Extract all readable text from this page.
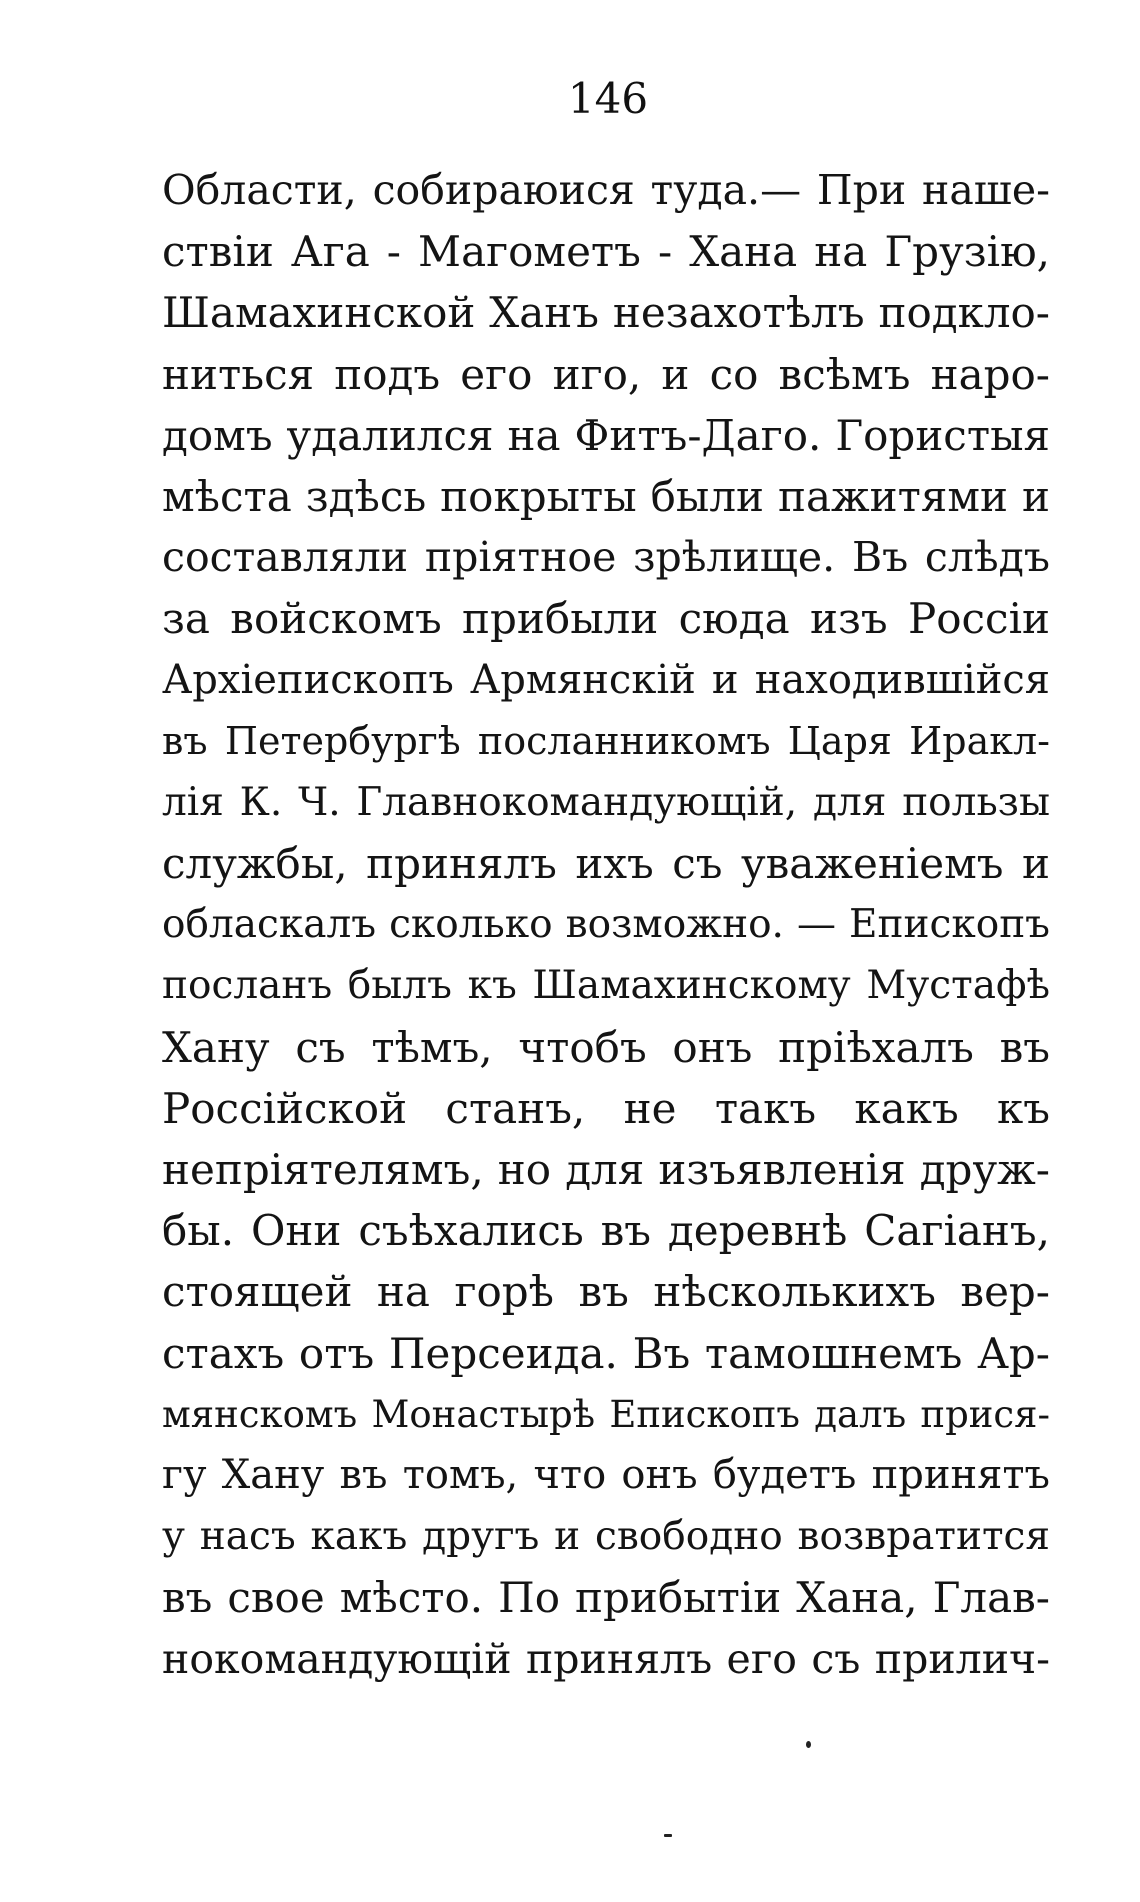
146
Области, собираюися туда.— При наше-
ствіи Ага - Магометъ - Хана на Грузію,
Шамахинской Ханъ незахотѣлъ подкло-
ниться подъ его иго, и со всѣмъ наро-
домъ удалился на Фитъ-Даго. Гористыя
мѣста здѣсь покрыты были пажитями и
составляли пріятное зрѣлище. Въ слѣдъ
за войскомъ прибыли сюда изъ Россіи
Архіепископъ Армянскій и находившійся
въ Петербургѣ посланникомъ Царя Иракл-
лія К. Ч. Главнокомандующій, для пользы
службы, принялъ ихъ съ уваженіемъ и
обласкалъ сколько возможно. — Епископъ
посланъ былъ къ Шамахинскому Мустафѣ
Хану съ тѣмъ, чтобъ онъ пріѣхалъ въ
Россійской станъ, не такъ какъ къ
непріятелямъ, но для изъявленія друж-
бы. Они съѣхались въ деревнѣ Сагіанъ,
стоящей на горѣ въ нѣсколькихъ вер-
стахъ отъ Персеида. Въ тамошнемъ Ар-
мянскомъ Монастырѣ Епископъ далъ прися-
гу Хану въ томъ, что онъ будетъ принятъ
у насъ какъ другъ и свободно возвратится
въ свое мѣсто. По прибытіи Хана, Глав-
нокомандующій принялъ его съ прилич-
